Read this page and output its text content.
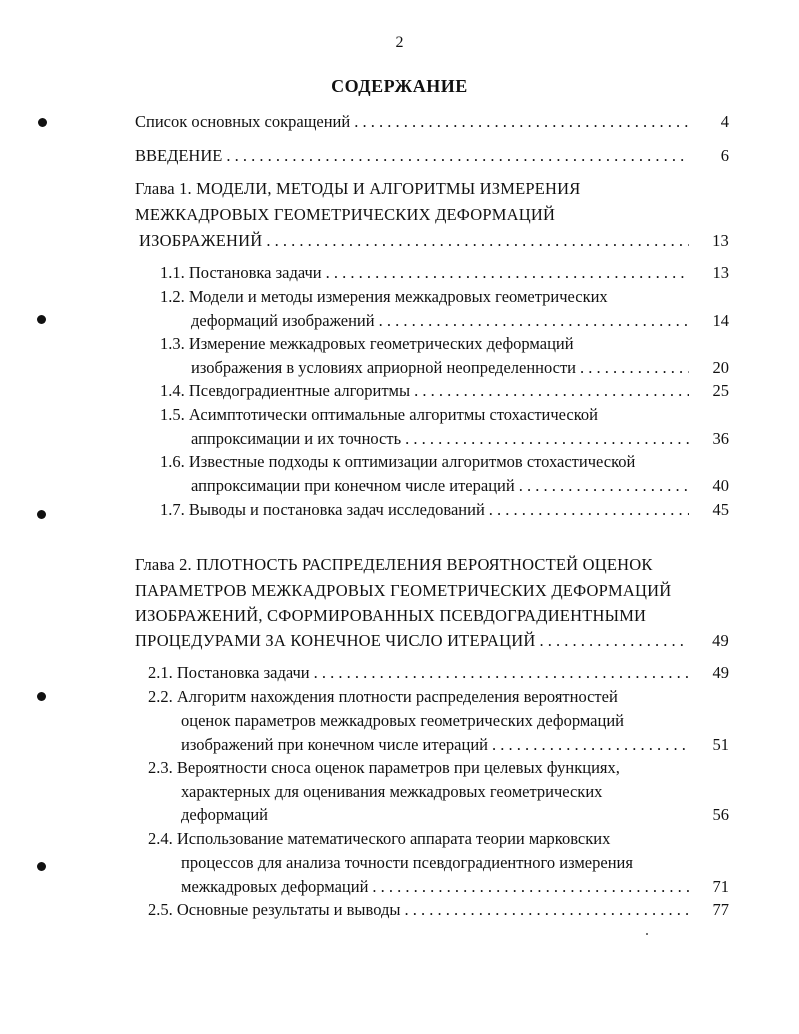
2
СОДЕРЖАНИЕ
Список основных сокращений . . .	4
ВВЕДЕНИЕ . . .	6
Глава 1. МОДЕЛИ, МЕТОДЫ И АЛГОРИТМЫ ИЗМЕРЕНИЯ
МЕЖКАДРОВЫХ ГЕОМЕТРИЧЕСКИХ ДЕФОРМАЦИЙ
ИЗОБРАЖЕНИЙ . . .	13
1.1. Постановка задачи . . .	13
1.2. Модели и методы измерения межкадровых геометрических
деформаций изображений . . .	14
1.3. Измерение межкадровых геометрических деформаций
изображения в условиях априорной неопределенности . . .	20
1.4. Псевдоградиентные алгоритмы . . .	25
1.5. Асимптотически оптимальные алгоритмы стохастической
аппроксимации и их точность . . .	36
1.6. Известные подходы к оптимизации алгоритмов стохастической
аппроксимации при конечном числе итераций . . .	40
1.7. Выводы и постановка задач исследований . . .	45
Глава 2. ПЛОТНОСТЬ РАСПРЕДЕЛЕНИЯ ВЕРОЯТНОСТЕЙ ОЦЕНОК
ПАРАМЕТРОВ МЕЖКАДРОВЫХ ГЕОМЕТРИЧЕСКИХ ДЕФОРМАЦИЙ
ИЗОБРАЖЕНИЙ, СФОРМИРОВАННЫХ ПСЕВДОГРАДИЕНТНЫМИ
ПРОЦЕДУРАМИ ЗА КОНЕЧНОЕ ЧИСЛО ИТЕРАЦИЙ . . .	49
2.1. Постановка задачи . . .	49
2.2. Алгоритм нахождения плотности распределения вероятностей
оценок параметров межкадровых геометрических деформаций
изображений при конечном числе итераций . . .	51
2.3. Вероятности сноса оценок параметров при целевых функциях,
характерных для оценивания межкадровых геометрических
деформаций	56
2.4. Использование математического аппарата теории марковских
процессов для анализа точности псевдоградиентного измерения
межкадровых деформаций . . .	71
2.5. Основные результаты и выводы . . .	77
